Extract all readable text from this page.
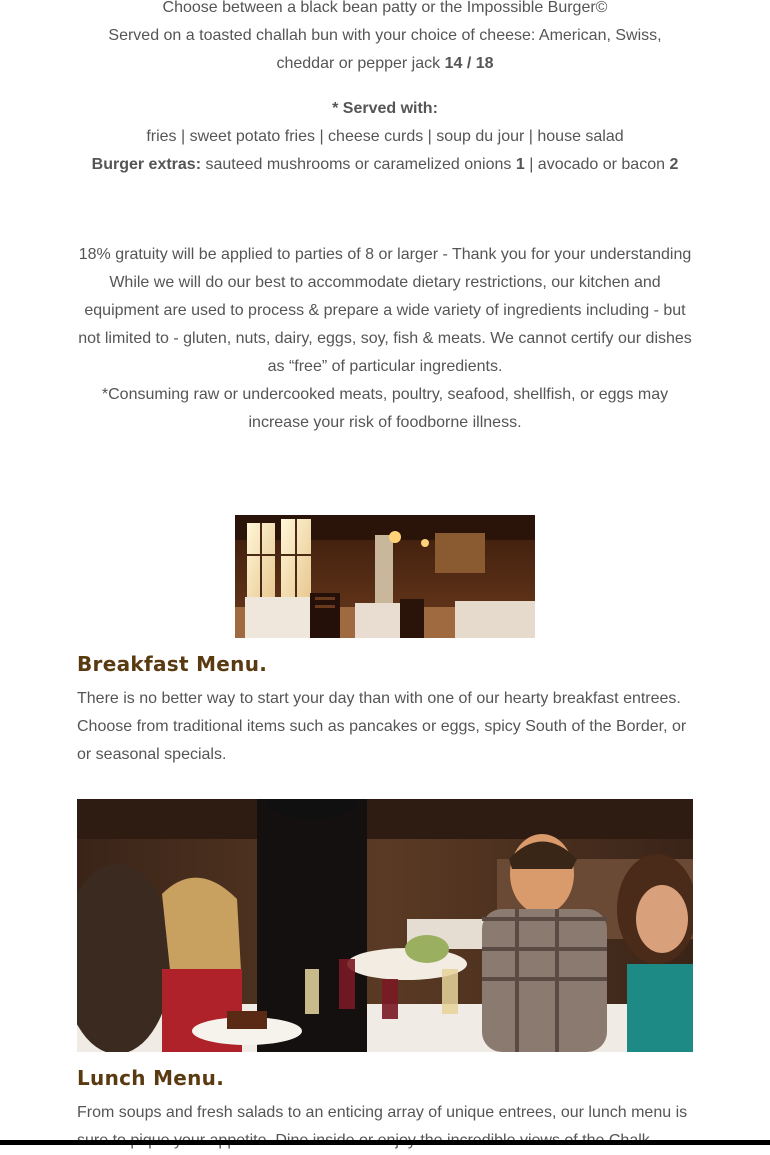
Choose between a black bean patty or the Impossible Burger©

Served on a toasted challah bun with your choice of cheese: American, Swiss,

cheddar or pepper jack 14 / 18

* Served with:

fries | sweet potato fries | cheese curds | soup du jour | house salad

Burger extras: sauteed mushrooms or caramelized onions 1 | avocado or bacon 2

18% gratuity will be applied to parties of 8 or larger - Thank you for your understanding

While we will do our best to accommodate dietary restrictions, our kitchen and equipment are used to process & prepare a wide variety of ingredients including - but not limited to - gluten, nuts, dairy, eggs, soy, fish & meats. We cannot certify our dishes as “free” of particular ingredients.

*Consuming raw or undercooked meats, poultry, seafood, shellfish, or eggs may increase your risk of foodborne illness.

Breakfast Menu.

There is no better way to start your day than with one of our hearty breakfast entrees. Choose from traditional items such as pancakes or eggs, spicy South of the Border, or or seasonal specials.

Lunch Menu.

From soups and fresh salads to an enticing array of unique entrees, our lunch menu is
